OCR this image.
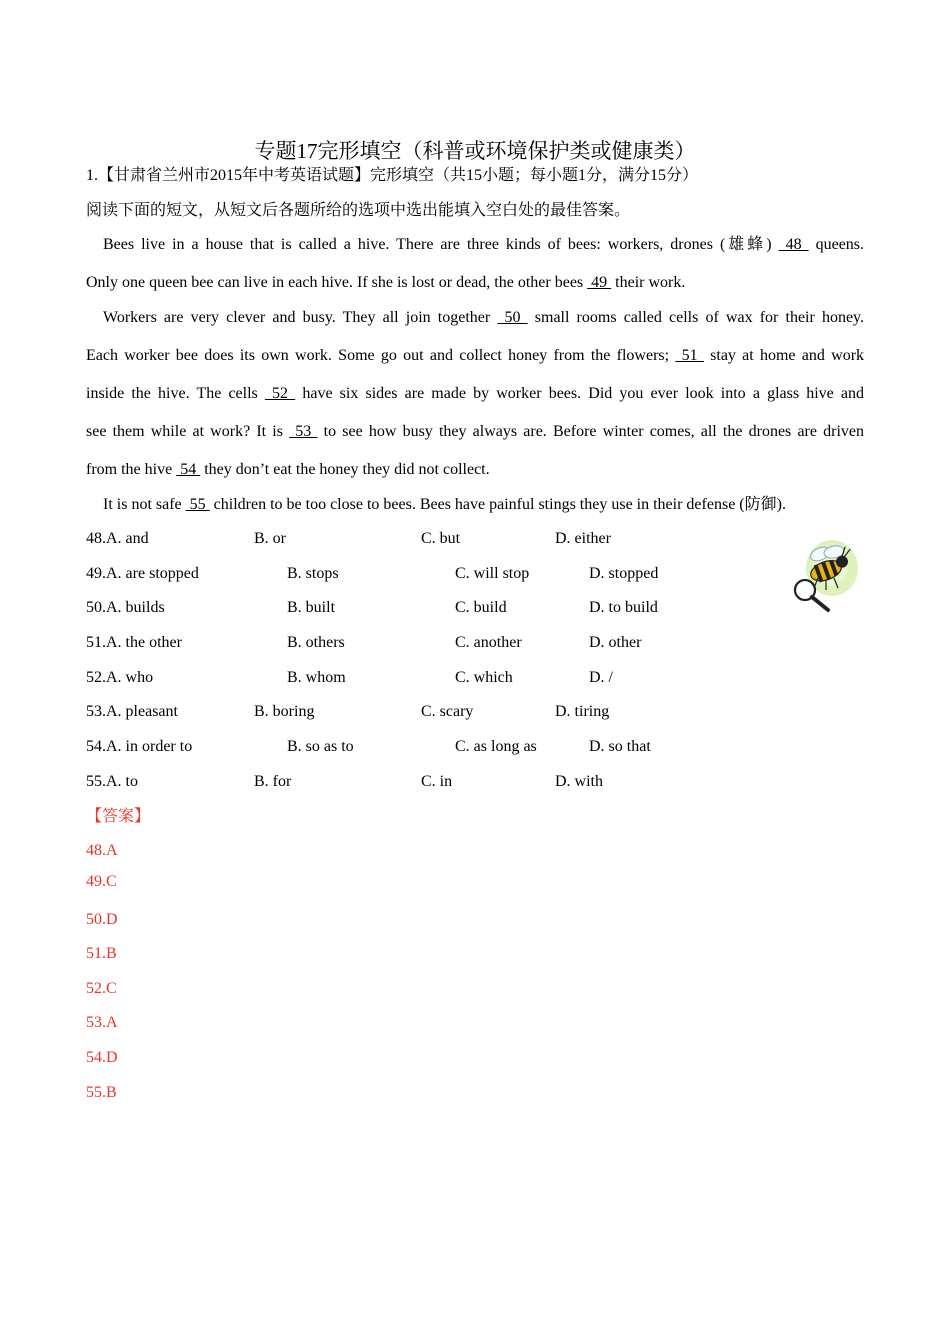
专题17完形填空（科普或环境保护类或健康类）
1.【甘肃省兰州市2015年中考英语试题】完形填空（共15小题；每小题1分，满分15分）
阅读下面的短文，从短文后各题所给的选项中选出能填入空白处的最佳答案。
Bees live in a house that is called a hive. There are three kinds of bees: workers, drones (雄蜂)  48  queens.
Only one queen bee can live in each hive. If she is lost or dead, the other bees  49  their work.
Workers are very clever and busy. They all join together  50  small rooms called cells of wax for their honey.
Each worker bee does its own work. Some go out and collect honey from the flowers;  51  stay at home and work
inside the hive. The cells  52  have six sides are made by worker bees. Did you ever look into a glass hive and
see them while at work? It is  53  to see how busy they always are. Before winter comes, all the drones are driven
from the hive  54  they don’t eat the honey they did not collect.
It is not safe  55  children to be too close to bees. Bees have painful stings they use in their defense (防御).
48.A. and	B. or	C. but	D. either
49.A. are stopped	B. stops	C. will stop	D. stopped
50.A. builds	B. built	C. build	D. to build
51.A. the other	B. others	C. another	D. other
52.A. who	B. whom	C. which	D. /
53.A. pleasant	B. boring	C. scary	D. tiring
54.A. in order to	B. so as to	C. as long as	D. so that
55.A. to	B. for	C. in	D. with
【答案】
48.A
49.C
50.D
51.B
52.C
53.A
54.D
55.B
